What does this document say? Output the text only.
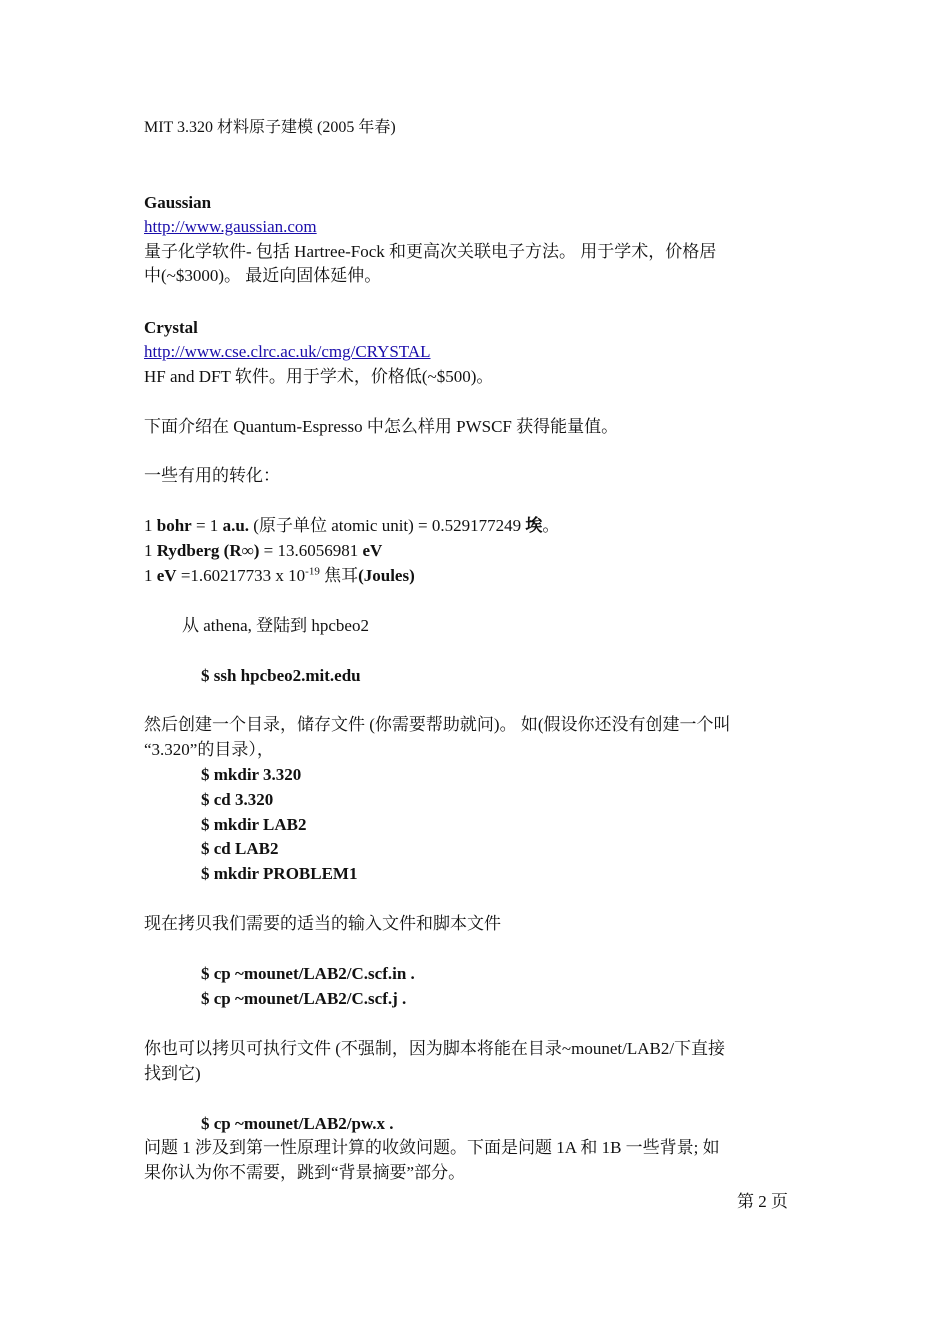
MIT 3.320 材料原子建模 (2005 年春)
Gaussian
http://www.gaussian.com
量子化学软件- 包括 Hartree-Fock 和更高次关联电子方法。 用于学术，价格居
中(~$3000)。 最近向固体延伸。
Crystal
http://www.cse.clrc.ac.uk/cmg/CRYSTAL
HF and DFT 软件。用于学术，价格低(~$500)。
下面介绍在 Quantum-Espresso 中怎么样用 PWSCF 获得能量值。
一些有用的转化：
1 bohr = 1 a.u. (原子单位 atomic unit) = 0.529177249 埃。
1 Rydberg (R∞) = 13.6056981 eV
1 eV =1.60217733 x $10^{-19}$ 焦耳(Joules)
从 athena, 登陆到 hpcbeo2
$ ssh hpcbeo2.mit.edu
然后创建一个目录，储存文件 (你需要帮助就问)。 如(假设你还没有创建一个叫
“3.320”的目录），
$ mkdir 3.320
$ cd 3.320
$ mkdir LAB2
$ cd LAB2
$ mkdir PROBLEM1
现在拷贝我们需要的适当的输入文件和脚本文件
$ cp ~mounet/LAB2/C.scf.in .
$ cp ~mounet/LAB2/C.scf.j .
你也可以拷贝可执行文件 (不强制，因为脚本将能在目录~mounet/LAB2/下直接
找到它)
$ cp ~mounet/LAB2/pw.x .
问题 1 涉及到第一性原理计算的收敛问题。下面是问题 1A 和 1B 一些背景; 如
果你认为你不需要，跳到“背景摘要”部分。
第 2 页
